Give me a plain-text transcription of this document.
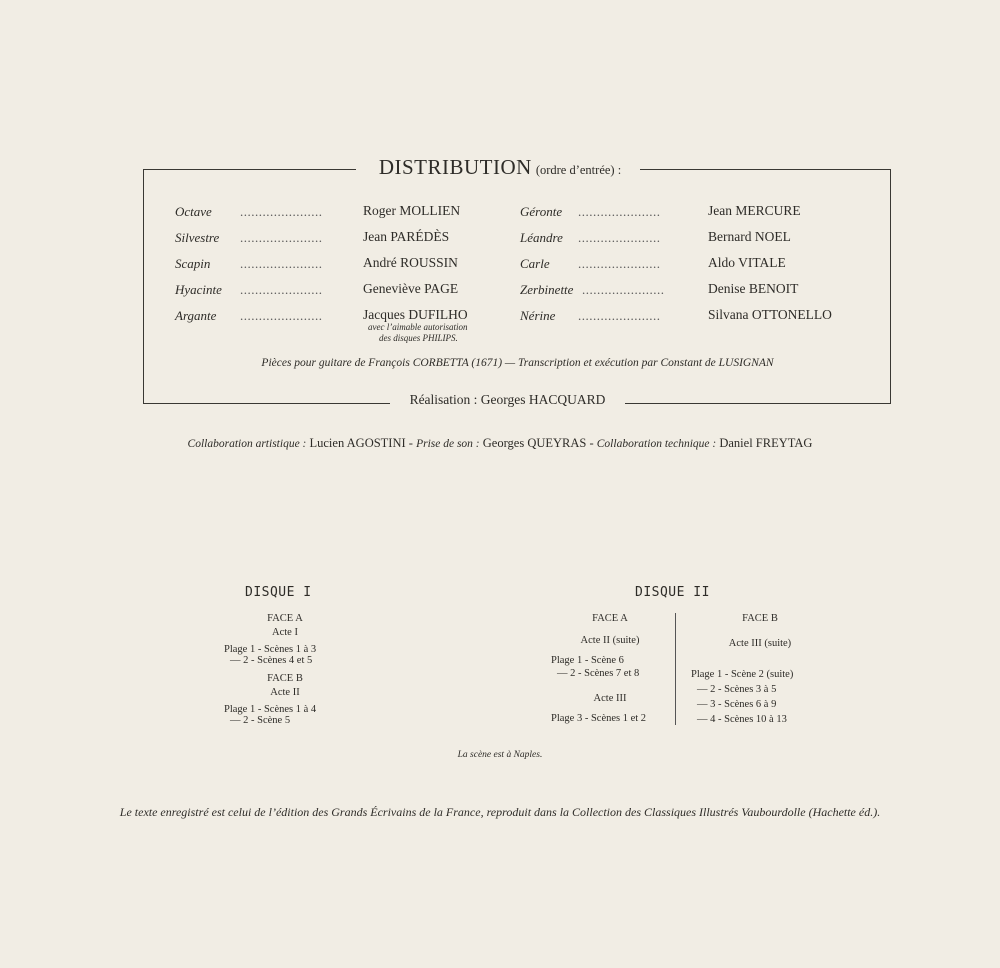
DISTRIBUTION (ordre d’entrée) :
Octave
Silvestre
Scapin
Hyacinte
Argante
......................
......................
......................
......................
......................
Roger MOLLIEN
Jean PARÉDÈS
André ROUSSIN
Geneviève PAGE
Jacques DUFILHO
avec l’aimable autorisation
des disques PHILIPS.
Géronte
Léandre
Carle
Zerbinette
Nérine
......................
......................
......................
......................
......................
Jean MERCURE
Bernard NOEL
Aldo VITALE
Denise BENOIT
Silvana OTTONELLO
Pièces pour guitare de François CORBETTA (1671) — Transcription et exécution par Constant de LUSIGNAN
Réalisation : Georges HACQUARD
Collaboration artistique : Lucien AGOSTINI - Prise de son : Georges QUEYRAS - Collaboration technique : Daniel FREYTAG
DISQUE I
FACE A
Acte I
Plage 1 - Scènes 1 à 3
— 2 - Scènes 4 et 5
FACE B
Acte II
Plage 1 - Scènes 1 à 4
— 2 - Scène 5
DISQUE II
FACE A
Acte II (suite)
Plage 1 - Scène 6
— 2 - Scènes 7 et 8
Acte III
Plage 3 - Scènes 1 et 2
FACE B
Acte III (suite)
Plage 1 - Scène 2 (suite)
— 2 - Scènes 3 à 5
— 3 - Scènes 6 à 9
— 4 - Scènes 10 à 13
La scène est à Naples.
Le texte enregistré est celui de l’édition des Grands Écrivains de la France, reproduit dans la Collection des Classiques Illustrés Vaubourdolle (Hachette éd.).
